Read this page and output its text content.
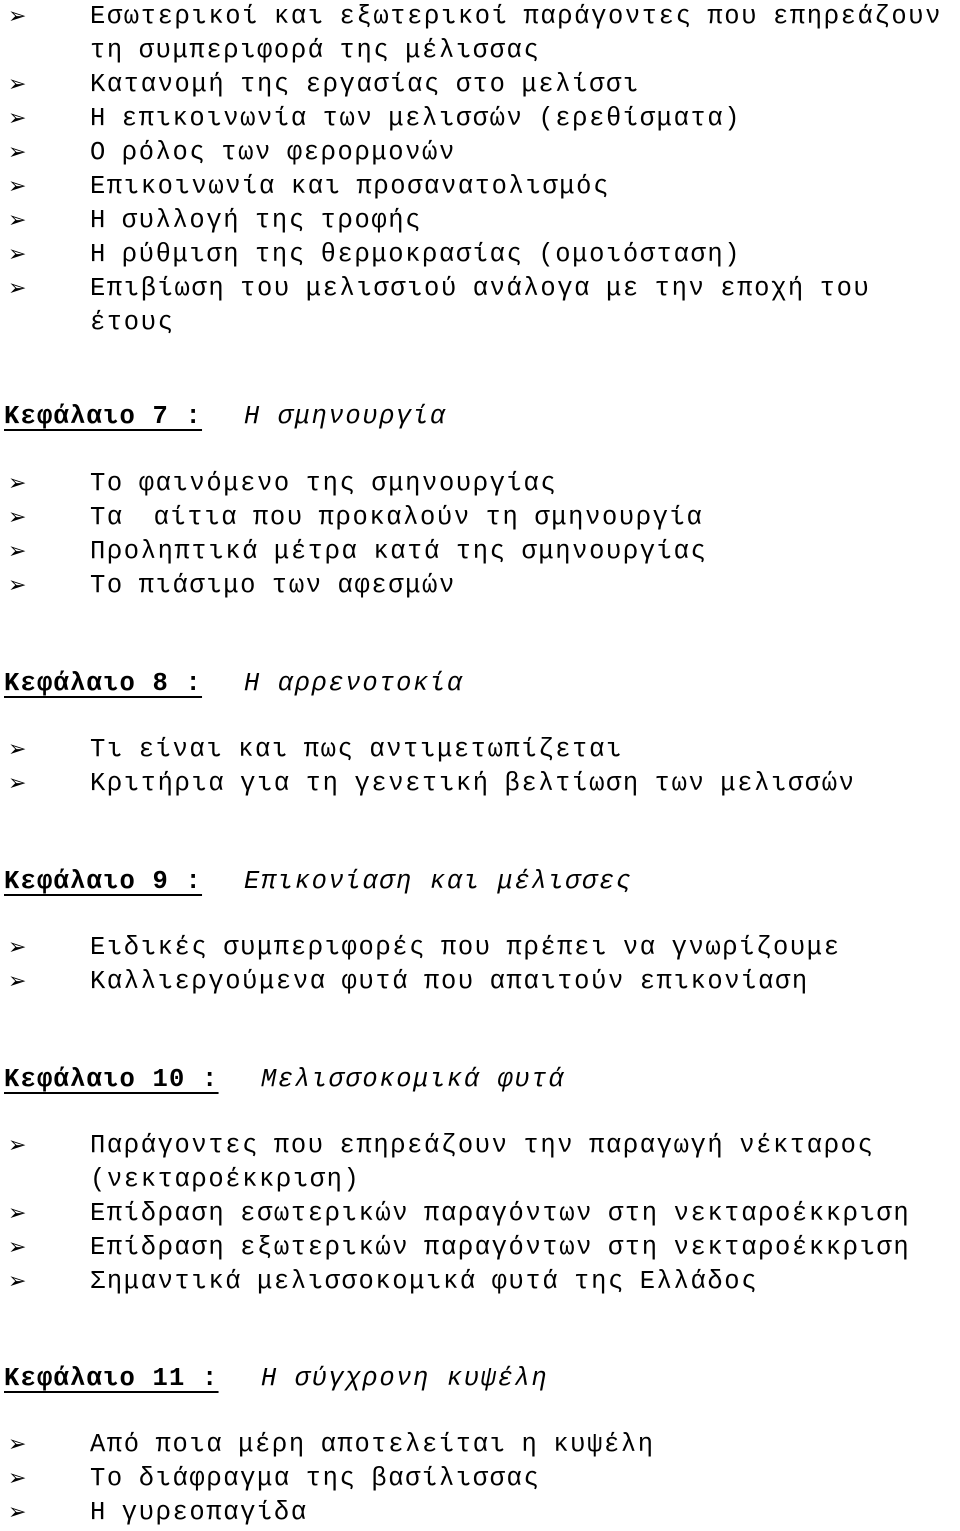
➢ Εσωτερικοί και εξωτερικοί παράγοντες που επηρεάζουν τη συμπεριφορά της μέλισσας
➢ Κατανομή της εργασίας στο μελίσσι
➢ Η επικοινωνία των μελισσών (ερεθίσματα)
➢ Ο ρόλος των φερορμονών
➢ Επικοινωνία και προσανατολισμός
➢ Η συλλογή της τροφής
➢ Η ρύθμιση της θερμοκρασίας (ομοιόσταση)
➢ Επιβίωση του μελισσιού ανάλογα με την εποχή του έτους
Κεφάλαιο 7 : Η σμηνουργία
➢ Το φαινόμενο της σμηνουργίας
➢ Τα  αίτια που προκαλούν τη σμηνουργία
➢ Προληπτικά μέτρα κατά της σμηνουργίας
➢ Το πιάσιμο των αφεσμών
Κεφάλαιο 8 : Η αρρενοτοκία
➢ Τι είναι και πως αντιμετωπίζεται
➢ Κριτήρια για τη γενετική βελτίωση των μελισσών
Κεφάλαιο 9 : Επικονίαση και μέλισσες
➢ Ειδικές συμπεριφορές που πρέπει να γνωρίζουμε
➢ Καλλιεργούμενα φυτά που απαιτούν επικονίαση
Κεφάλαιο 10 : Μελισσοκομικά φυτά
➢ Παράγοντες που επηρεάζουν την παραγωγή νέκταρος (νεκταροέκκριση)
➢ Επίδραση εσωτερικών παραγόντων στη νεκταροέκκριση
➢ Επίδραση εξωτερικών παραγόντων στη νεκταροέκκριση
➢ Σημαντικά μελισσοκομικά φυτά της Ελλάδος
Κεφάλαιο 11 : Η σύγχρονη κυψέλη
➢ Από ποια μέρη αποτελείται η κυψέλη
➢ Το διάφραγμα της βασίλισσας
➢ Η γυρεοπαγίδα
